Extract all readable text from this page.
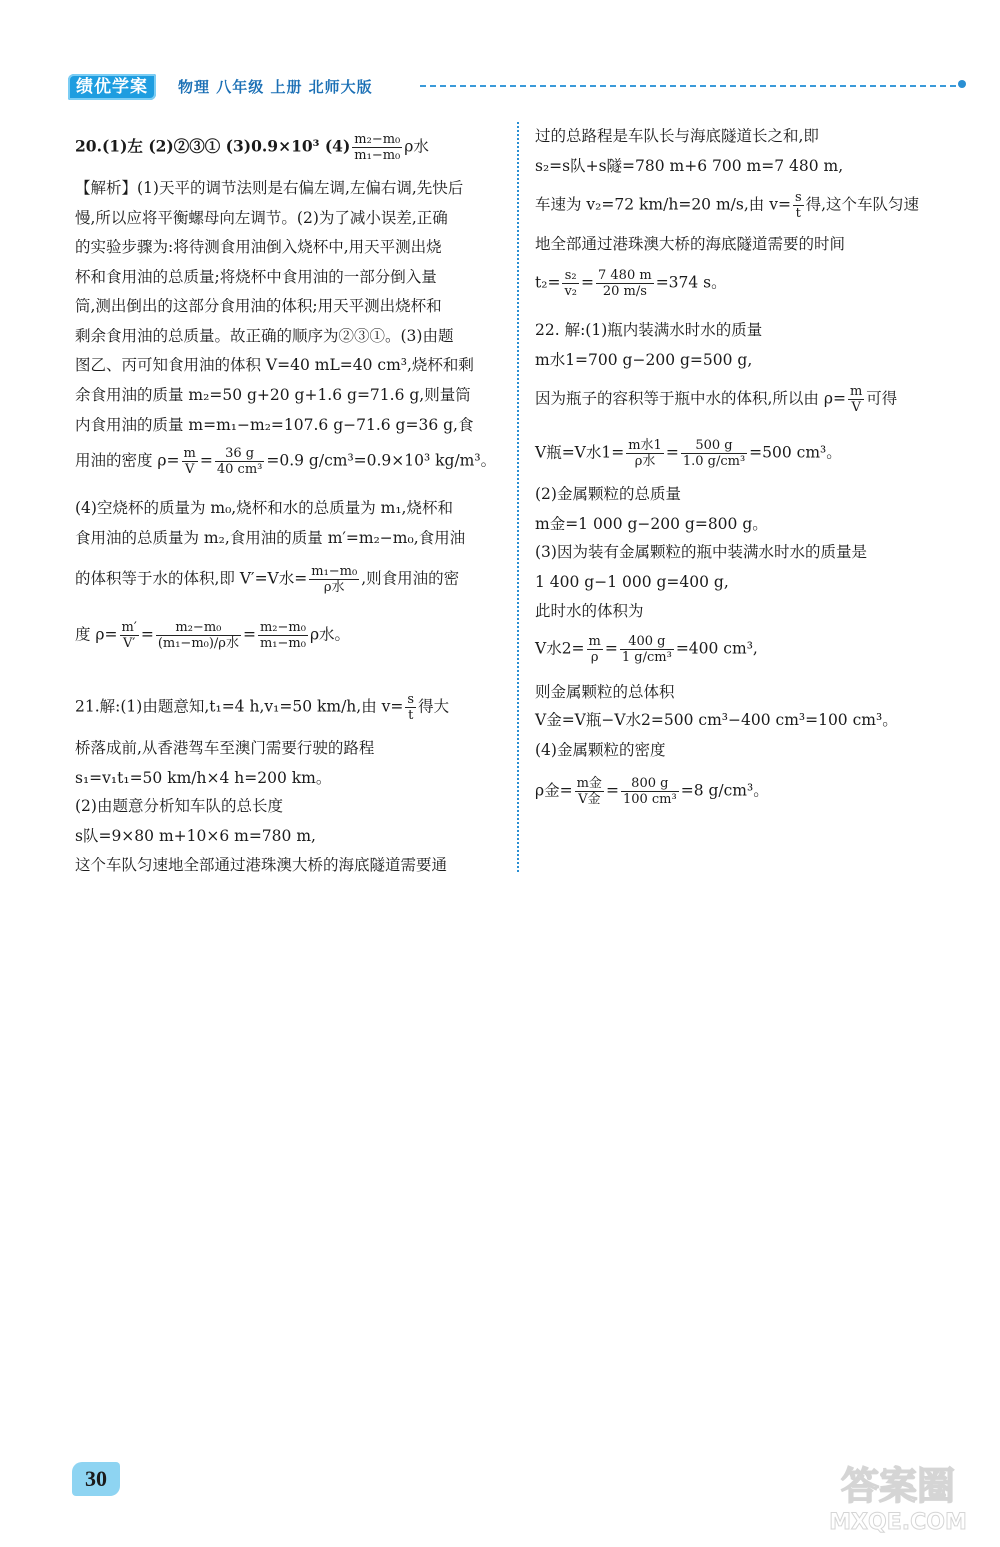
绩优学案	物理 八年级 上册 北师大版
20.(1)左 (2)②③① (3)0.9×10³ $(4) \frac{\text{m₂−m₀}}{\text{m₁−m₀}}$ ρ水
【解析】(1)天平的调节法则是右偏左调,左偏右调,先快后
慢,所以应将平衡螺母向左调节。(2)为了减小误差,正确
的实验步骤为:将待测食用油倒入烧杯中,用天平测出烧
杯和食用油的总质量;将烧杯中食用油的一部分倒入量
筒,测出倒出的这部分食用油的体积;用天平测出烧杯和
剩余食用油的总质量。故正确的顺序为②③①。(3)由题
图乙、丙可知食用油的体积 V=40 mL=40 cm³,烧杯和剩
余食用油的质量 m₂=50 g+20 g+1.6 g=71.6 g,则量筒
内食用油的质量 m=m₁−m₂=107.6 g−71.6 g=36 g,食
用油的密度 $\rho= \frac{m}{V} = \frac{36 g}{\text{40 cm³}} =0.9$ g/cm³=0.9×10³ kg/m³。
(4)空烧杯的质量为 m₀,烧杯和水的总质量为 m₁,烧杯和
食用油的总质量为 m₂,食用油的质量 m′=m₂−m₀,食用油
的体积等于水的体积,即 V′=V水= m₁−m₀
ρ水	,则食用油的密
度 $\rho= \frac{m'}{V'}$ =	m₂−m₀
(m₁−m₀)/ρ水 = $\frac{\text{m₂−m₀}}{\text{m₁−m₀}}$ ρ水。
21.解:(1)由题意知,t₁=4 h,v₁=50 km/h,由 $v= \frac{s}{t}$ 得大
桥落成前,从香港驾车至澳门需要行驶的路程
s₁=v₁t₁=50 km/h×4 h=200 km。
(2)由题意分析知车队的总长度
s队=9×80 m+10×6 m=780 m,
这个车队匀速地全部通过港珠澳大桥的海底隧道需要通
过的总路程是车队长与海底隧道长之和,即
s₂=s队+s隧=780 m+6 700 m=7 480 m,
车速为 v₂=72 km/h=20 m/s,由 $v= \frac{s}{t}$ 得,这个车队匀速
地全部通过港珠澳大桥的海底隧道需要的时间
$t_2= \frac{\text{s₂}}{\text{v₂}} = \frac{7 480 m}{20 m/s} =374$ s。
22. 解:(1)瓶内装满水时水的质量
m水1=700 g−200 g=500 g,
因为瓶子的容积等于瓶中水的体积,所以由 $\rho= \frac{m}{V}$ 可得
V瓶=V水1= m水1
ρ水 = $\frac{500 g}{\text{1.0 g/cm³}} =500$ cm³。
(2)金属颗粒的总质量
m金=1 000 g−200 g=800 g。
(3)因为装有金属颗粒的瓶中装满水时水的质量是
1 400 g−1 000 g=400 g,
此时水的体积为
V水$2= \frac{m}{\rho} = \frac{400 g}{\text{1 g/cm³}} =400$ cm³,
则金属颗粒的总体积
V金=V瓶−V水2=500 cm³−400 cm³=100 cm³。
(4)金属颗粒的密度
ρ金= m金
V金 = $\frac{800 g}{\text{100 cm³}} =8$ g/cm³。
30	答案圈
MXQE.COM
